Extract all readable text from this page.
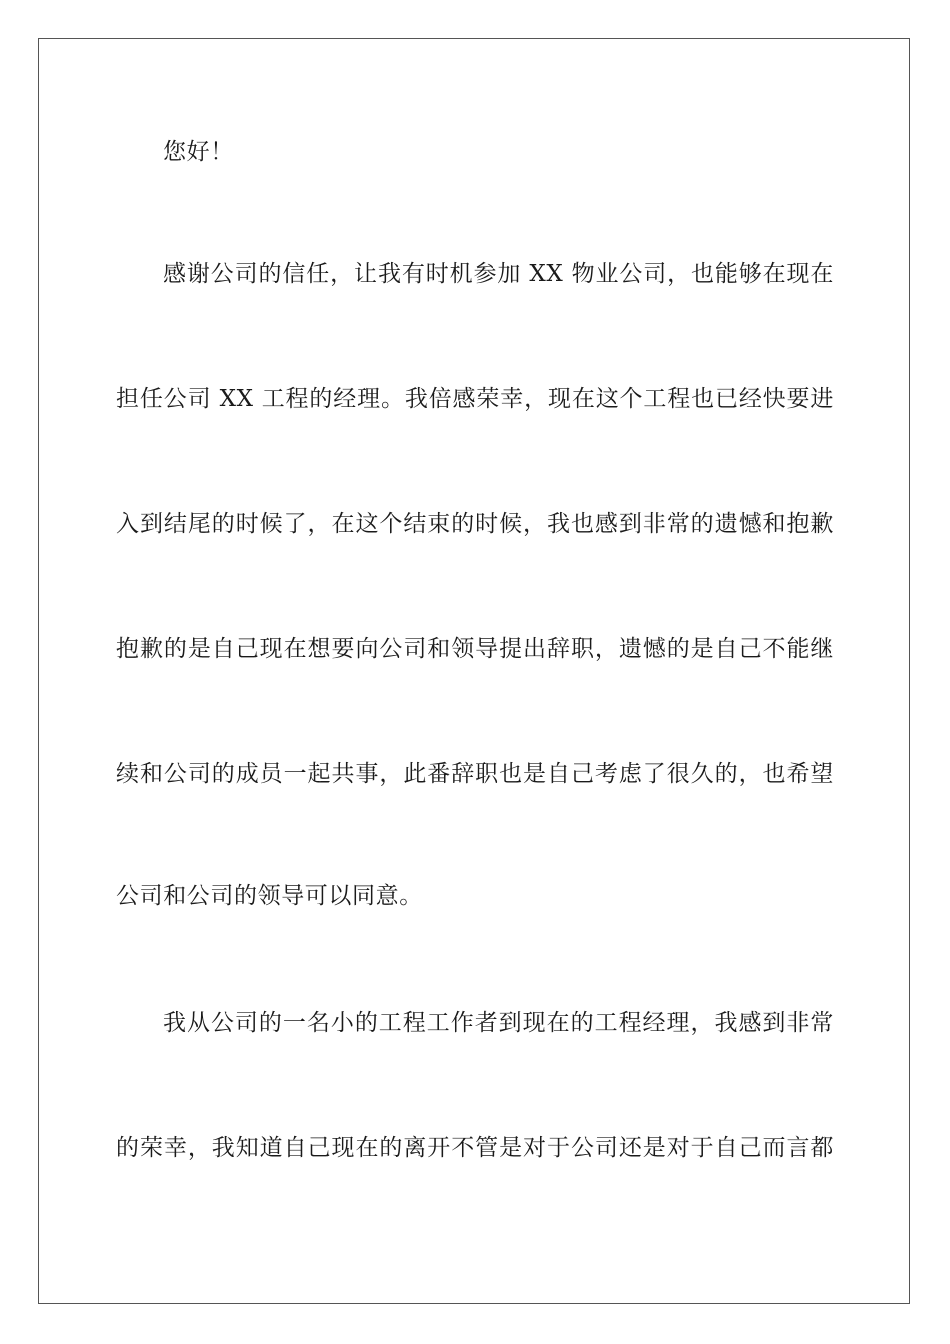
您好！
感谢公司的信任，让我有时机参加 XX 物业公司，也能够在现在
担任公司 XX 工程的经理。我倍感荣幸，现在这个工程也已经快要进
入到结尾的时候了，在这个结束的时候，我也感到非常的遗憾和抱歉
抱歉的是自己现在想要向公司和领导提出辞职，遗憾的是自己不能继
续和公司的成员一起共事，此番辞职也是自己考虑了很久的，也希望
公司和公司的领导可以同意。
我从公司的一名小的工程工作者到现在的工程经理，我感到非常
的荣幸，我知道自己现在的离开不管是对于公司还是对于自己而言都
